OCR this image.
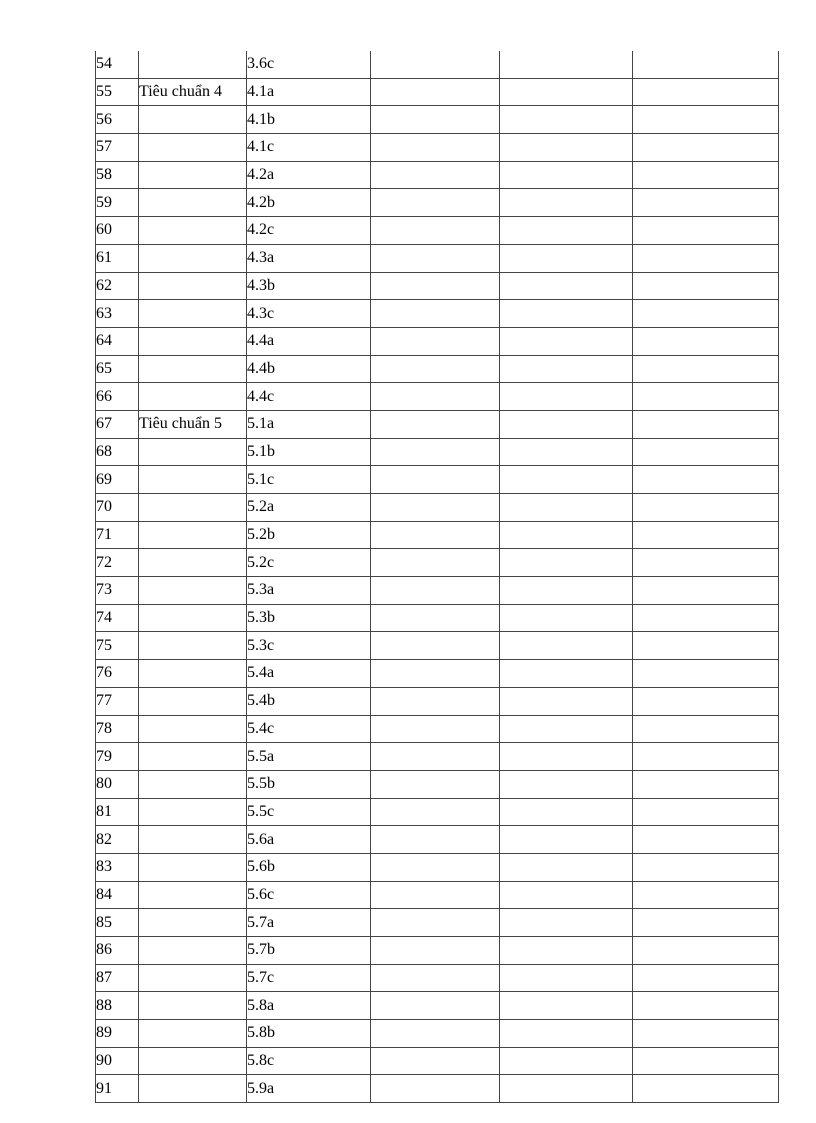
54		3.6c			
55	Tiêu chuẩn 4	4.1a			
56		4.1b			
57		4.1c			
58		4.2a			
59		4.2b			
60		4.2c			
61		4.3a			
62		4.3b			
63		4.3c			
64		4.4a			
65		4.4b			
66		4.4c			
67	Tiêu chuẩn 5	5.1a			
68		5.1b			
69		5.1c			
70		5.2a			
71		5.2b			
72		5.2c			
73		5.3a			
74		5.3b			
75		5.3c			
76		5.4a			
77		5.4b			
78		5.4c			
79		5.5a			
80		5.5b			
81		5.5c			
82		5.6a			
83		5.6b			
84		5.6c			
85		5.7a			
86		5.7b			
87		5.7c			
88		5.8a			
89		5.8b			
90		5.8c			
91		5.9a			
